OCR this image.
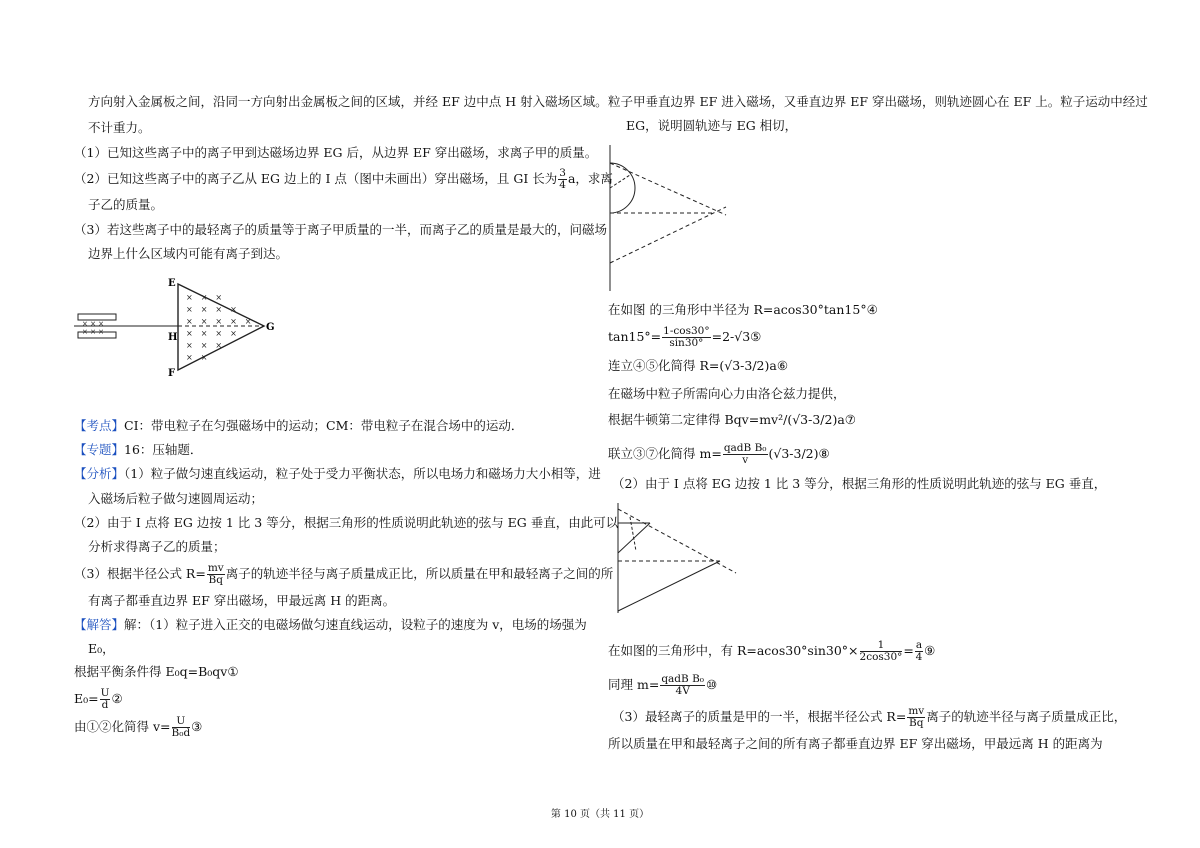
方向射入金属板之间，沿同一方向射出金属板之间的区域，并经 EF 边中点 H 射入磁场区域。
不计重力。
（1）已知这些离子中的离子甲到达磁场边界 EG 后，从边界 EF 穿出磁场，求离子甲的质量。
（2）已知这些离子中的离子乙从 EG 边上的 I 点（图中未画出）穿出磁场，且 GI 长为 $\frac{3}{4}$ a，求离
子乙的质量。
（3）若这些离子中的最轻离子的质量等于离子甲质量的一半，而离子乙的质量是最大的，问磁场
边界上什么区域内可能有离子到达。
× × ×
× × ×
×　×　×
×　×　×　×
×　×　×　×　×
×　×　×　×
×　×　×
×　×
E
H
F
G
【考点】CI：带电粒子在匀强磁场中的运动；CM：带电粒子在混合场中的运动．
【专题】16：压轴题．
【分析】（1）粒子做匀速直线运动，粒子处于受力平衡状态，所以电场力和磁场力大小相等，进
入磁场后粒子做匀速圆周运动；
（2）由于 I 点将 EG 边按 1 比 3 等分，根据三角形的性质说明此轨迹的弦与 EG 垂直，由此可以
分析求得离子乙的质量；
（3）根据半径公式 $R= \frac{mv}{Bq}$ 离子的轨迹半径与离子质量成正比，所以质量在甲和最轻离子之间的所
有离子都垂直边界 EF 穿出磁场，甲最远离 H 的距离。
【解答】解：（1）粒子进入正交的电磁场做匀速直线运动，设粒子的速度为 v，电场的场强为
E₀，
根据平衡条件得 E₀q=B₀qv①
$E_0= \frac{U}{d}$ ②
由①②化简得 $v= \frac{U}{\text{B₀d}}$ ③
粒子甲垂直边界 EF 进入磁场，又垂直边界 EF 穿出磁场，则轨迹圆心在 EF 上。粒子运动中经过
EG，说明圆轨迹与 EG 相切，
在如图 的三角形中半径为 R=acos30°tan15°④
$\tan 15^\circ= \frac{1-\cos 30^\circ}{\sin 30^\circ}$ =2-√3⑤
连立④⑤化简得 R=(√3-3/2)a⑥
在磁场中粒子所需向心力由洛仑兹力提供，
根据牛顿第二定律得 Bqv=mv²/(√3-3/2)a⑦
联立③⑦化简得 $m= \frac{\text{qadB B₀}}{v}$ (√3-3/2)⑧
（2）由于 I 点将 EG 边按 1 比 3 等分，根据三角形的性质说明此轨迹的弦与 EG 垂直，
在如图的三角形中，有 $R=acos30^\circ\sin 30^\circ\times \frac{1}{2\cos 30^\circ} = \frac{a}{4}$ ⑨
同理 $m= \frac{\text{qadB B₀}}{4V}$ ⑩
（3）最轻离子的质量是甲的一半，根据半径公式 $R= \frac{mv}{Bq}$ 离子的轨迹半径与离子质量成正比，
所以质量在甲和最轻离子之间的所有离子都垂直边界 EF 穿出磁场，甲最远离 H 的距离为
第 10 页（共 11 页）
